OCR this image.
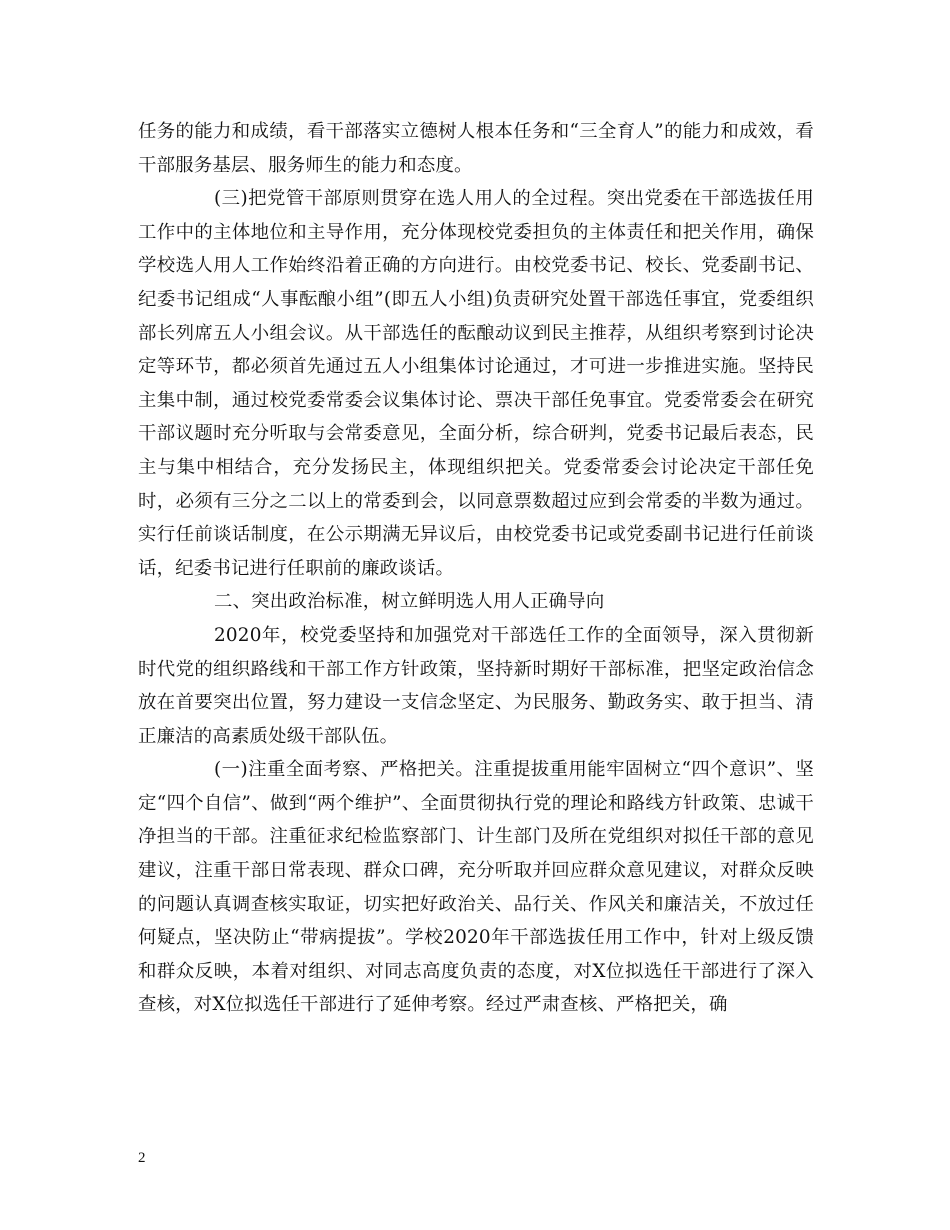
任务的能力和成绩，看干部落实立德树人根本任务和“三全育人”的能力和成效，看干部服务基层、服务师生的能力和态度。

(三)把党管干部原则贯穿在选人用人的全过程。突出党委在干部选拔任用工作中的主体地位和主导作用，充分体现校党委担负的主体责任和把关作用，确保学校选人用人工作始终沿着正确的方向进行。由校党委书记、校长、党委副书记、纪委书记组成“人事酝酿小组”(即五人小组)负责研究处置干部选任事宜，党委组织部长列席五人小组会议。从干部选任的酝酿动议到民主推荐，从组织考察到讨论决定等环节，都必须首先通过五人小组集体讨论通过，才可进一步推进实施。坚持民主集中制，通过校党委常委会议集体讨论、票决干部任免事宜。党委常委会在研究干部议题时充分听取与会常委意见，全面分析，综合研判，党委书记最后表态，民主与集中相结合，充分发扬民主，体现组织把关。党委常委会讨论决定干部任免时，必须有三分之二以上的常委到会，以同意票数超过应到会常委的半数为通过。实行任前谈话制度，在公示期满无异议后，由校党委书记或党委副书记进行任前谈话，纪委书记进行任职前的廉政谈话。

二、突出政治标准，树立鲜明选人用人正确导向

2020年，校党委坚持和加强党对干部选任工作的全面领导，深入贯彻新时代党的组织路线和干部工作方针政策，坚持新时期好干部标准，把坚定政治信念放在首要突出位置，努力建设一支信念坚定、为民服务、勤政务实、敢于担当、清正廉洁的高素质处级干部队伍。

(一)注重全面考察、严格把关。注重提拔重用能牢固树立“四个意识”、坚定“四个自信”、做到“两个维护”、全面贯彻执行党的理论和路线方针政策、忠诚干净担当的干部。注重征求纪检监察部门、计生部门及所在党组织对拟任干部的意见建议，注重干部日常表现、群众口碑，充分听取并回应群众意见建议，对群众反映的问题认真调查核实取证，切实把好政治关、品行关、作风关和廉洁关，不放过任何疑点，坚决防止“带病提拔”。学校2020年干部选拔任用工作中，针对上级反馈和群众反映，本着对组织、对同志高度负责的态度，对X位拟选任干部进行了深入查核，对X位拟选任干部进行了延伸考察。经过严肃查核、严格把关，确

2
